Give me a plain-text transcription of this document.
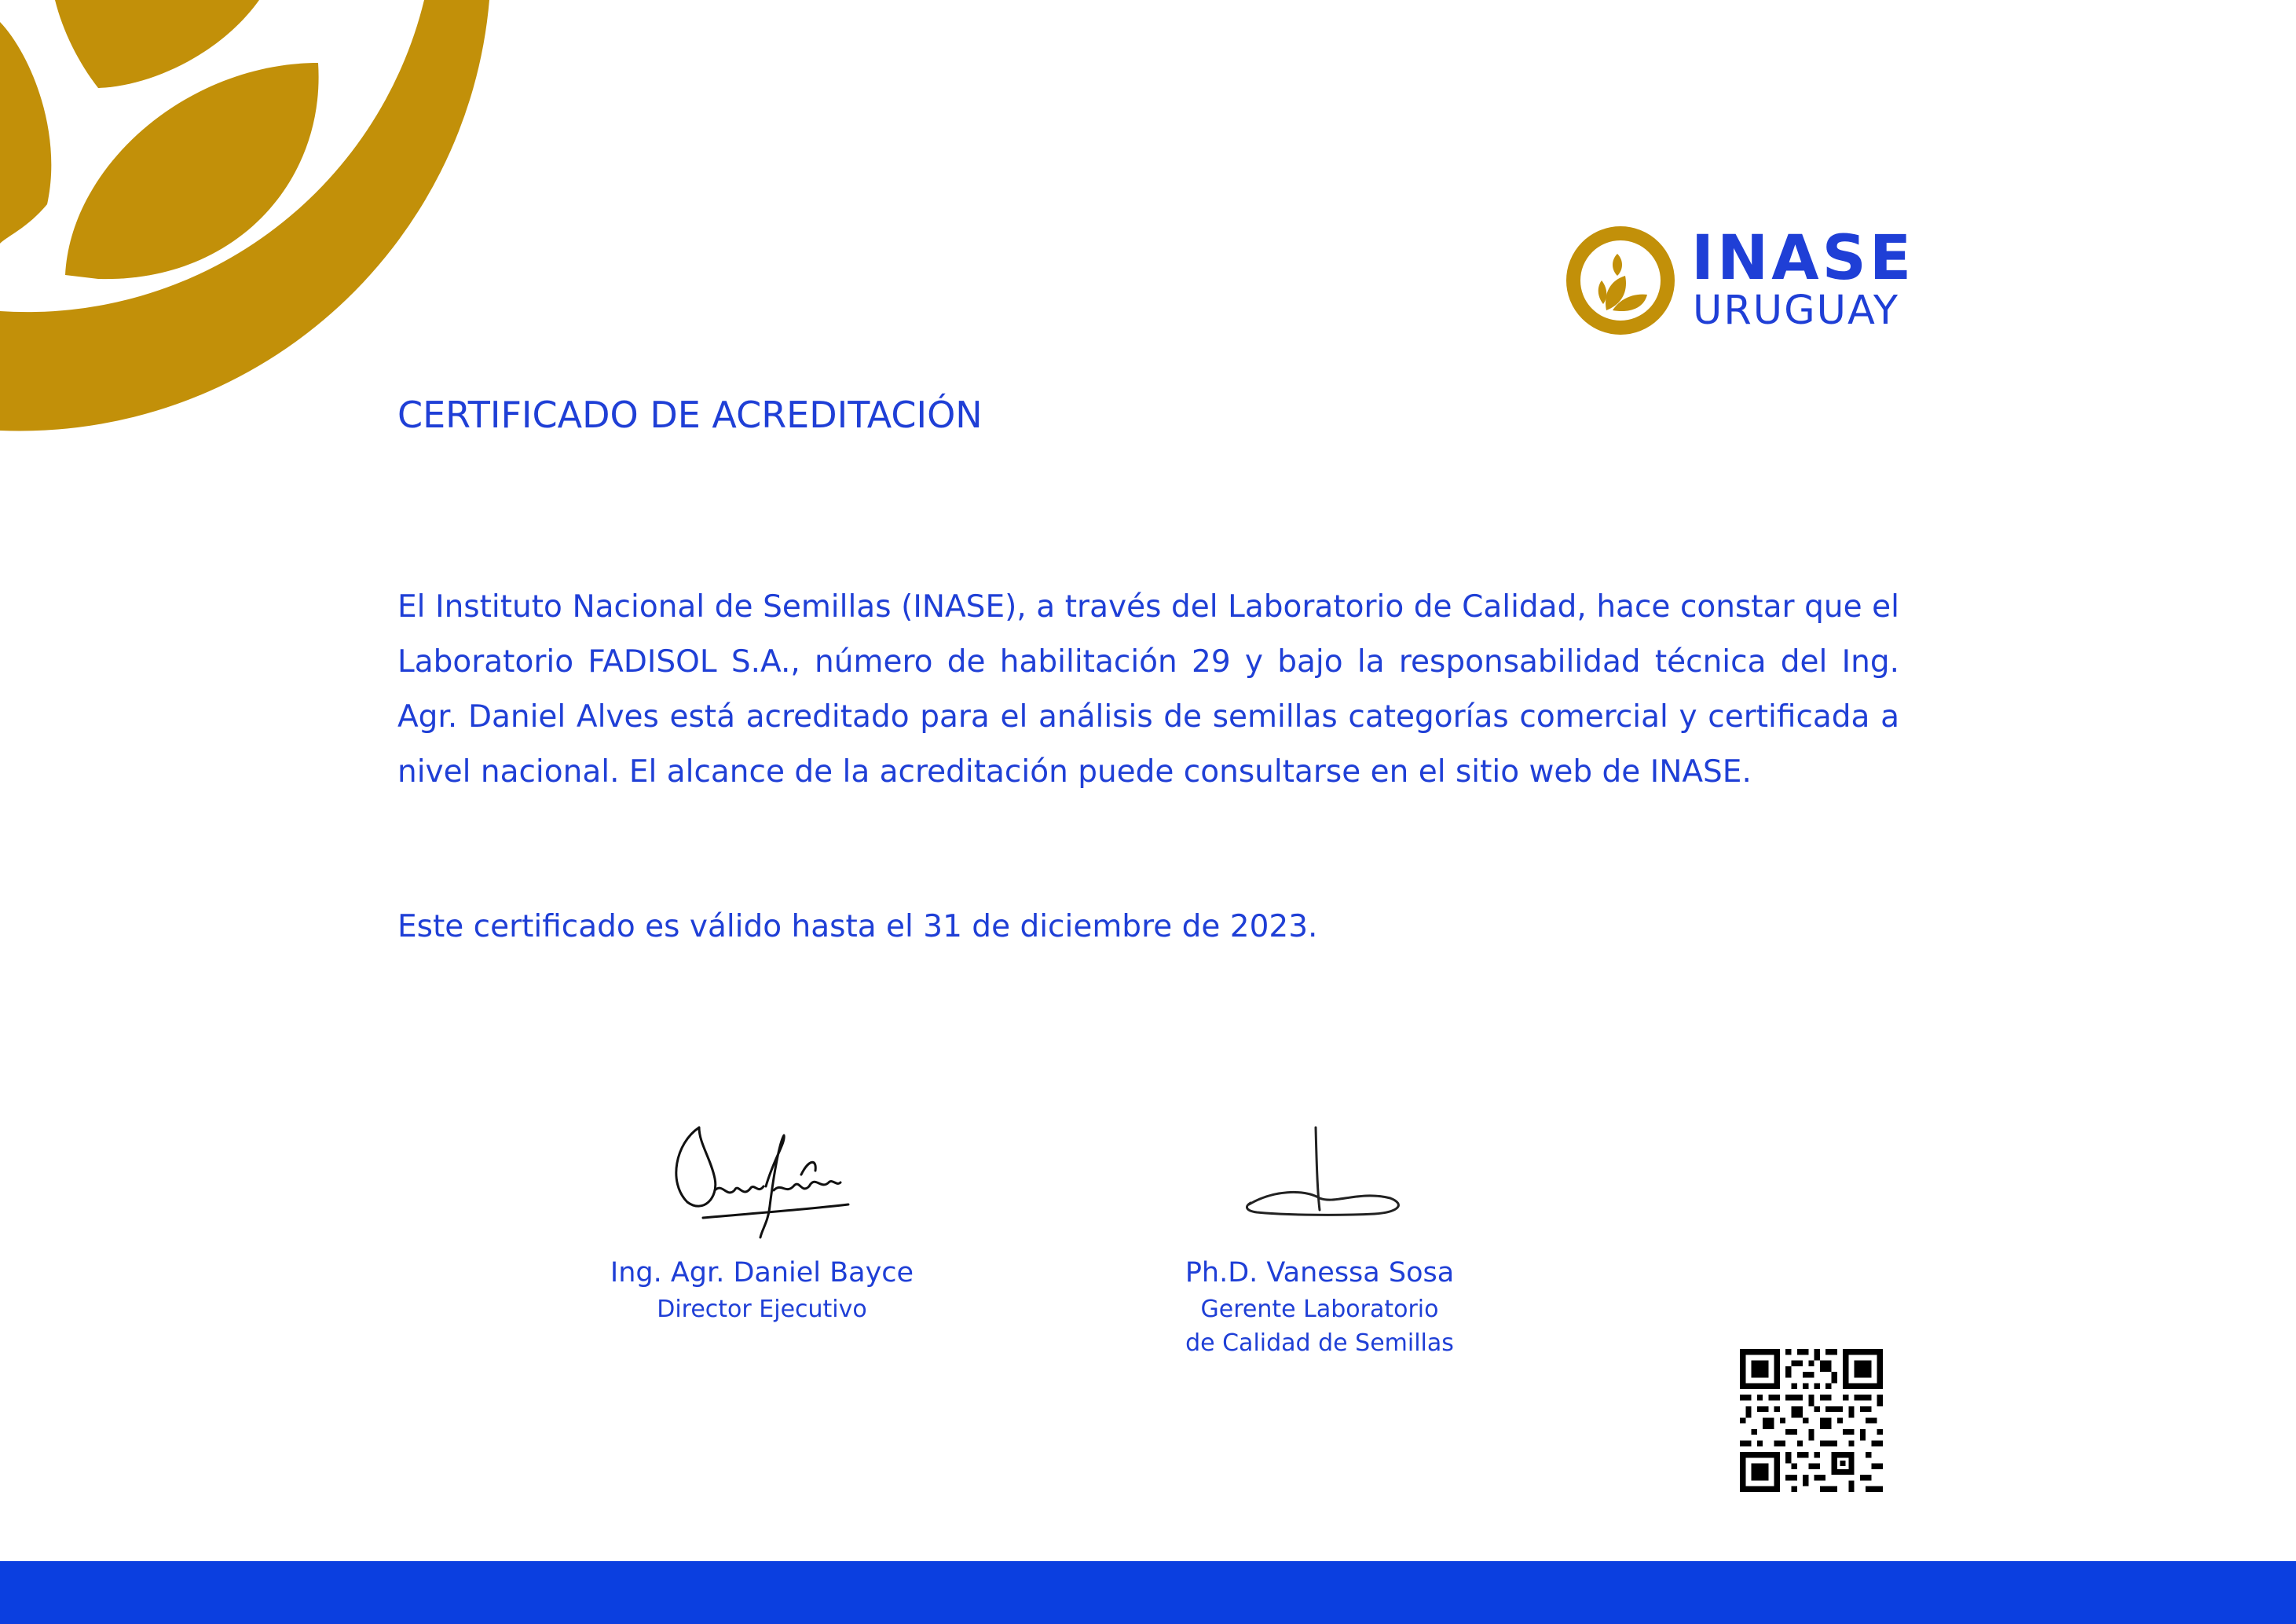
INASE
URUGUAY
CERTIFICADO DE ACREDITACIÓN

El Instituto Nacional de Semillas (INASE), a través del Laboratorio de Calidad, hace constar que el Laboratorio FADISOL S.A., número de habilitación 29 y bajo la responsabilidad técnica del Ing. Agr. Daniel Alves está acreditado para el análisis de semillas categorías comercial y certificada a nivel nacional. El alcance de la acreditación puede consultarse en el sitio web de INASE.

Este certificado es válido hasta el 31 de diciembre de 2023.

Ing. Agr. Daniel Bayce
Director Ejecutivo
Ph.D. Vanessa Sosa
Gerente Laboratorio
de Calidad de Semillas
